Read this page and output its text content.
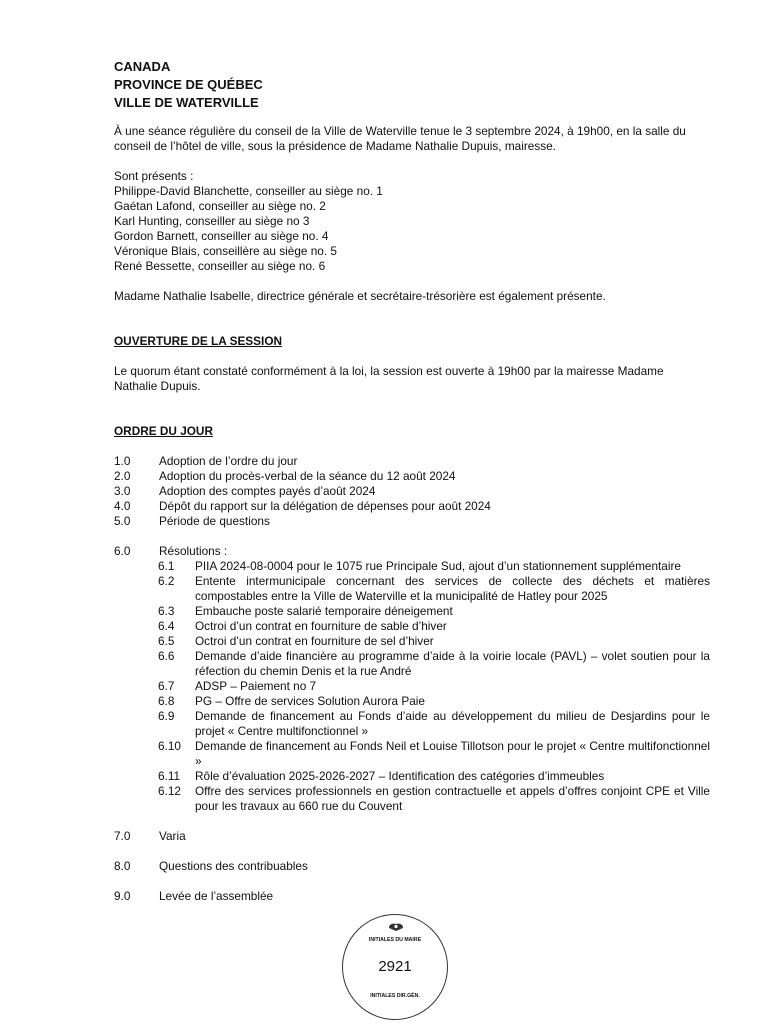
CANADA
PROVINCE DE QUÉBEC
VILLE DE WATERVILLE

À une séance régulière du conseil de la Ville de Waterville tenue le 3 septembre 2024, à 19h00, en la salle du conseil de l’hôtel de ville, sous la présidence de Madame Nathalie Dupuis, mairesse.

Sont présents :
Philippe-David Blanchette, conseiller au siège no. 1
Gaétan Lafond, conseiller au siège no. 2
Karl Hunting, conseiller au siège no 3
Gordon Barnett, conseiller au siège no. 4
Véronique Blais, conseillère au siège no. 5
René Bessette, conseiller au siège no. 6

Madame Nathalie Isabelle, directrice générale et secrétaire-trésorière est également présente.

OUVERTURE DE LA SESSION

Le quorum étant constaté conformément à la loi, la session est ouverte à 19h00 par la mairesse Madame Nathalie Dupuis.

ORDRE DU JOUR
1.0	Adoption de l’ordre du jour
2.0	Adoption du procès-verbal de la séance du 12 août 2024
3.0	Adoption des comptes payés d’août 2024
4.0	Dépôt du rapport sur la délégation de dépenses pour août 2024
5.0	Période de questions
6.0	Résolutions :
6.1	PIIA 2024-08-0004 pour le 1075 rue Principale Sud, ajout d’un stationnement supplémentaire
6.2	Entente intermunicipale concernant des services de collecte des déchets et matières compostables entre la Ville de Waterville et la municipalité de Hatley pour 2025
6.3	Embauche poste salarié temporaire déneigement
6.4	Octroi d’un contrat en fourniture de sable d’hiver
6.5	Octroi d’un contrat en fourniture de sel d’hiver
6.6	Demande d’aide financière au programme d’aide à la voirie locale (PAVL) – volet soutien pour la réfection du chemin Denis et la rue André
6.7	ADSP – Paiement no 7
6.8	PG – Offre de services Solution Aurora Paie
6.9	Demande de financement au Fonds d’aide au développement du milieu de Desjardins pour le projet « Centre multifonctionnel »
6.10	Demande de financement au Fonds Neil et Louise Tillotson pour le projet « Centre multifonctionnel »
6.11	Rôle d’évaluation 2025-2026-2027 – Identification des catégories d’immeubles
6.12	Offre des services professionnels en gestion contractuelle et appels d’offres conjoint CPE et Ville pour les travaux au 660 rue du Couvent
7.0	Varia
8.0	Questions des contribuables
9.0	Levée de l’assemblée
INITIALES DU MAIRE
2921
INITIALES DIR.GÉN.
